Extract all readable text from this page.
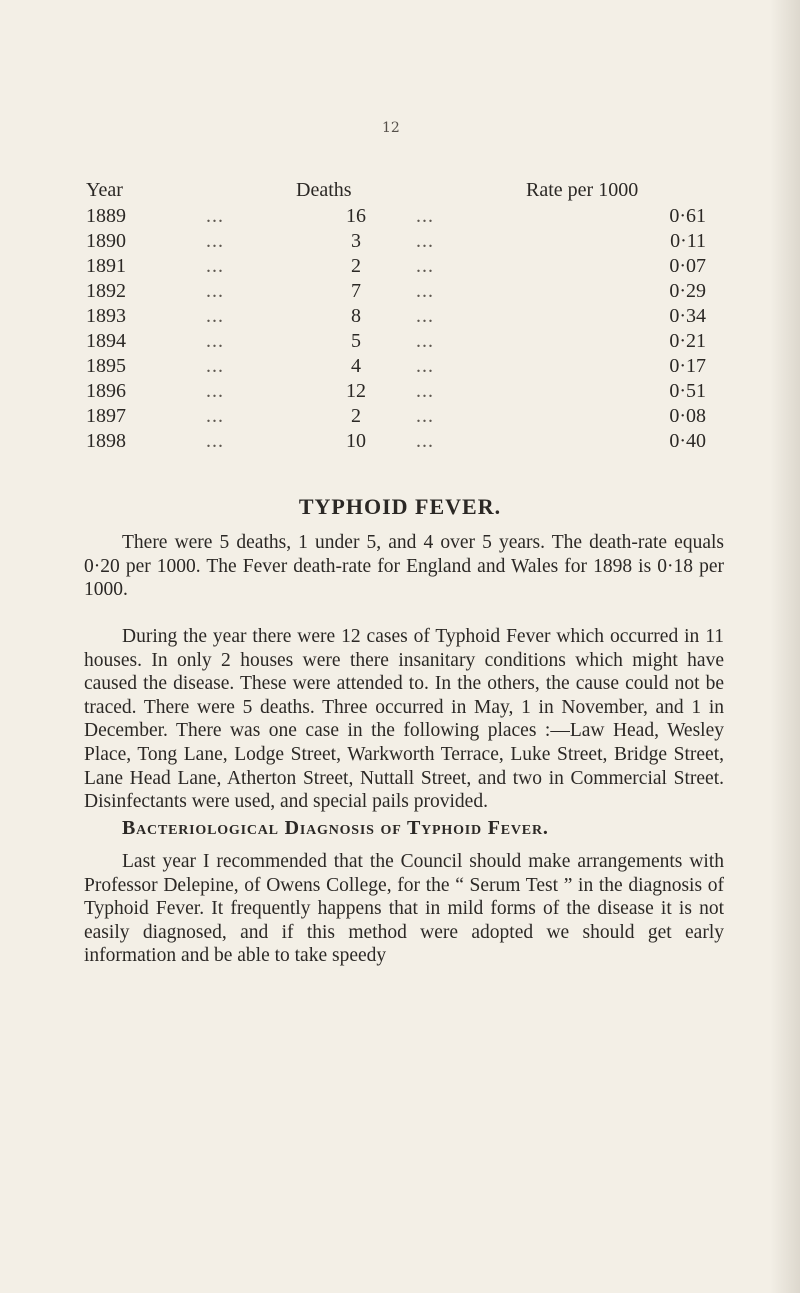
12
Year		Deaths		Rate per 1000
1889	...	16	...	0·61
1890	...	3	...	0·11
1891	...	2	...	0·07
1892	...	7	...	0·29
1893	...	8	...	0·34
1894	...	5	...	0·21
1895	...	4	...	0·17
1896	...	12	...	0·51
1897	...	2	...	0·08
1898	...	10	...	0·40
TYPHOID FEVER.

There were 5 deaths, 1 under 5, and 4 over 5 years. The death-rate equals 0·20 per 1000. The Fever death-rate for England and Wales for 1898 is 0·18 per 1000.

During the year there were 12 cases of Typhoid Fever which occurred in 11 houses. In only 2 houses were there insanitary conditions which might have caused the disease. These were attended to. In the others, the cause could not be traced. There were 5 deaths. Three occurred in May, 1 in November, and 1 in December. There was one case in the following places :—Law Head, Wesley Place, Tong Lane, Lodge Street, Warkworth Terrace, Luke Street, Bridge Street, Lane Head Lane, Atherton Street, Nuttall Street, and two in Commercial Street. Disinfectants were used, and special pails provided.

Bacteriological Diagnosis of Typhoid Fever.

Last year I recommended that the Council should make arrangements with Professor Delepine, of Owens College, for the “ Serum Test ” in the diagnosis of Typhoid Fever. It frequently happens that in mild forms of the disease it is not easily diagnosed, and if this method were adopted we should get early information and be able to take speedy
